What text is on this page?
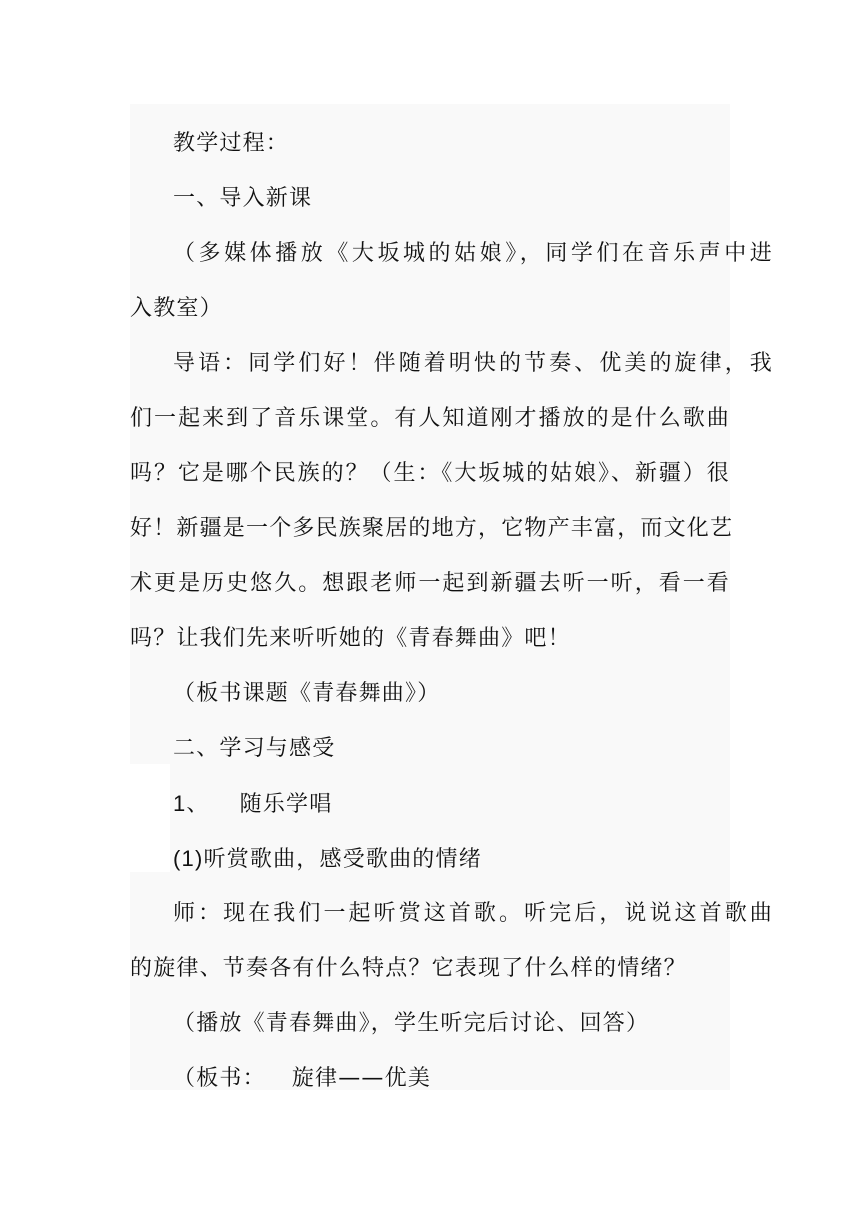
教学过程：
一、导入新课
（多媒体播放《大坂城的姑娘》，同学们在音乐声中进
入教室）
导语：同学们好！伴随着明快的节奏、优美的旋律，我
们一起来到了音乐课堂。有人知道刚才播放的是什么歌曲
吗？它是哪个民族的？（生：《大坂城的姑娘》、新疆）很
好！新疆是一个多民族聚居的地方，它物产丰富，而文化艺
术更是历史悠久。想跟老师一起到新疆去听一听，看一看
吗？让我们先来听听她的《青春舞曲》吧！
（板书课题《青春舞曲》）
二、学习与感受
1、 随乐学唱
(1)听赏歌曲，感受歌曲的情绪
师：现在我们一起听赏这首歌。听完后，说说这首歌曲
的旋律、节奏各有什么特点？它表现了什么样的情绪？
（播放《青春舞曲》，学生听完后讨论、回答）
（板书： 旋律——优美
